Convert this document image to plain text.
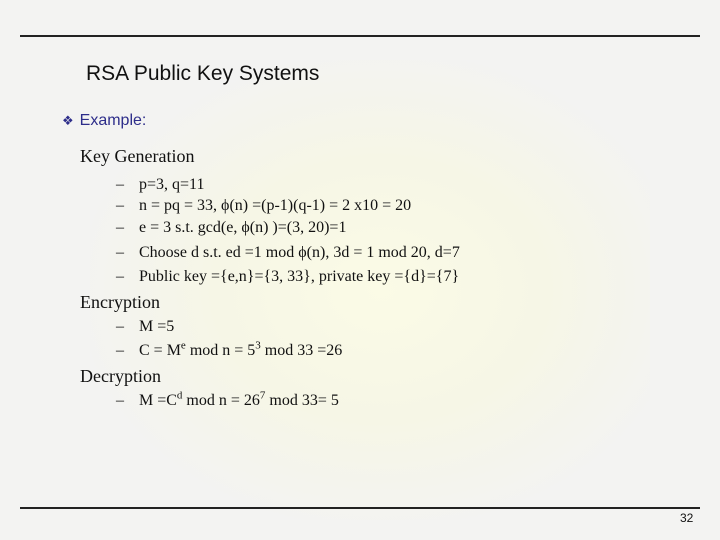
RSA Public Key Systems
❖ Example:
Key Generation
– p=3, q=11
– n = pq = 33, ϕ(n) =(p-1)(q-1) = 2 x10 = 20
– e = 3 s.t. gcd(e, ϕ(n) )=(3, 20)=1
– Choose d s.t. ed =1 mod ϕ(n), 3d = 1 mod 20, d=7
– Public key ={e,n}={3, 33}, private key ={d}={7}
Encryption
– M =5
– $C = M^e$ mod $n = 5^3$ mod 33 =26
Decryption
– $M =C^d$ mod $n = 26^7$ mod 33= 5
32
